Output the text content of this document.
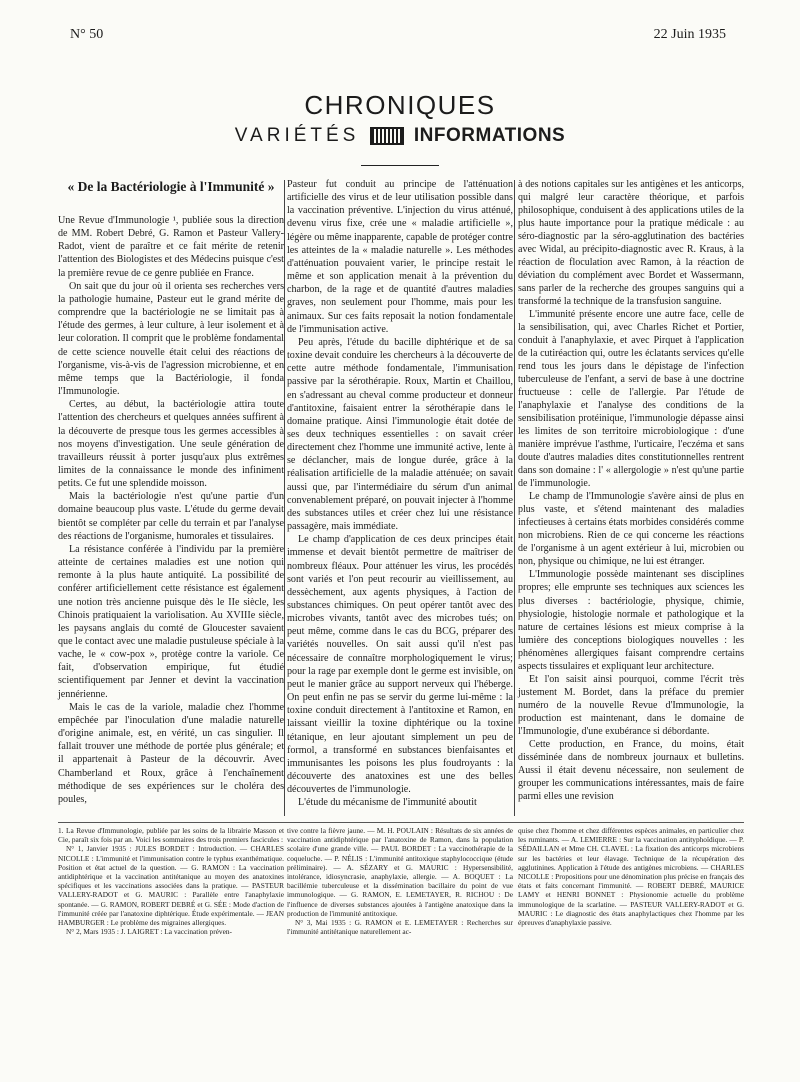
N° 50	22 Juin 1935
CHRONIQUES
VARIÉTÉS	INFORMATIONS
« De la Bactériologie à l'Immunité »

Une Revue d'Immunologie ¹, publiée sous la direction de MM. Robert Debré, G. Ramon et Pasteur Vallery-Radot, vient de paraître et ce fait mérite de retenir l'attention des Biologistes et des Médecins puisque c'est la première revue de ce genre publiée en France.

On sait que du jour où il orienta ses recherches vers la pathologie humaine, Pasteur eut le grand mérite de comprendre que la bactériologie ne se limitait pas à l'étude des germes, à leur culture, à leur isolement et à leur coloration. Il comprit que le problème fondamental de cette science nouvelle était celui des réactions de l'organisme, vis-à-vis de l'agression microbienne, et en même temps que la Bactériologie, il fonda l'Immunologie.

Certes, au début, la bactériologie attira toute l'attention des chercheurs et quelques années suffirent à la découverte de presque tous les germes accessibles à nos moyens d'investigation. Une seule génération de travailleurs réussit à porter jusqu'aux plus extrêmes limites de la connaissance le monde des infiniment petits. Ce fut une splendide moisson.

Mais la bactériologie n'est qu'une partie d'un domaine beaucoup plus vaste. L'étude du germe devait bientôt se compléter par celle du terrain et par l'analyse des réactions de l'organisme, humorales et tissulaires.

La résistance conférée à l'individu par la première atteinte de certaines maladies est une notion qui remonte à la plus haute antiquité. La possibilité de conférer artificiellement cette résistance est également une notion très ancienne puisque dès le IIe siècle, les Chinois pratiquaient la variolisation. Au XVIIIe siècle, les paysans anglais du comté de Gloucester savaient que le contact avec une maladie pustuleuse spéciale à la vache, le « cow-pox », protège contre la variole. Ce fait, d'observation empirique, fut étudié scientifiquement par Jenner et devint la vaccination jennérienne.

Mais le cas de la variole, maladie chez l'homme empêchée par l'inoculation d'une maladie naturelle d'origine animale, est, en vérité, un cas singulier. Il fallait trouver une méthode de portée plus générale; et il appartenait à Pasteur de la découvrir. Avec Chamberland et Roux, grâce à l'enchaînement méthodique de ses expériences sur le choléra des poules,

Pasteur fut conduit au principe de l'atténuation artificielle des virus et de leur utilisation possible dans la vaccination préventive. L'injection du virus atténué, devenu virus fixe, crée une « maladie artificielle », légère ou même inapparente, capable de protéger contre les atteintes de la « maladie naturelle ». Les méthodes d'atténuation pouvaient varier, le principe restait le même et son application menait à la prévention du charbon, de la rage et de quantité d'autres maladies graves, non seulement pour l'homme, mais pour les animaux. Sur ces faits reposait la notion fondamentale de l'immunisation active.

Peu après, l'étude du bacille diphtérique et de sa toxine devait conduire les chercheurs à la découverte de cette autre méthode fondamentale, l'immunisation passive par la sérothérapie. Roux, Martin et Chaillou, en s'adressant au cheval comme producteur et donneur d'antitoxine, faisaient entrer la sérothérapie dans le domaine pratique. Ainsi l'immunologie était dotée de ses deux techniques essentielles : on savait créer directement chez l'homme une immunité active, lente à se déclancher, mais de longue durée, grâce à la réalisation artificielle de la maladie atténuée; on savait aussi que, par l'intermédiaire du sérum d'un animal convenablement préparé, on pouvait injecter à l'homme des substances utiles et créer chez lui une résistance passagère, mais immédiate.

Le champ d'application de ces deux principes était immense et devait bientôt permettre de maîtriser de nombreux fléaux. Pour atténuer les virus, les procédés sont variés et l'on peut recourir au vieillissement, au dessèchement, aux agents physiques, à l'action de substances chimiques. On peut opérer tantôt avec des microbes vivants, tantôt avec des microbes tués; on peut même, comme dans le cas du BCG, préparer des variétés nouvelles. On sait aussi qu'il n'est pas nécessaire de connaître morphologiquement le virus; pour la rage par exemple dont le germe est invisible, on peut le manier grâce au support nerveux qui l'héberge. On peut enfin ne pas se servir du germe lui-même : la toxine conduit directement à l'antitoxine et Ramon, en laissant vieillir la toxine diphtérique ou la toxine tétanique, en leur ajoutant simplement un peu de formol, a transformé en substances bienfaisantes et immunisantes les poisons les plus foudroyants : la découverte des anatoxines est une des belles découvertes de l'immunologie.

L'étude du mécanisme de l'immunité aboutit

à des notions capitales sur les antigènes et les anticorps, qui malgré leur caractère théorique, et parfois philosophique, conduisent à des applications utiles de la plus haute importance pour la pratique médicale : au séro-diagnostic par la séro-agglutination des bactéries avec Widal, au précipito-diagnostic avec R. Kraus, à la réaction de floculation avec Ramon, à la réaction de déviation du complément avec Bordet et Wassermann, sans parler de la recherche des groupes sanguins qui a transformé la technique de la transfusion sanguine.

L'immunité présente encore une autre face, celle de la sensibilisation, qui, avec Charles Richet et Portier, conduit à l'anaphylaxie, et avec Pirquet à l'application de la cutiréaction qui, outre les éclatants services qu'elle rend tous les jours dans le dépistage de l'infection tuberculeuse de l'enfant, a servi de base à une doctrine fructueuse : celle de l'allergie. Par l'étude de l'anaphylaxie et l'analyse des conditions de la sensibilisation protéinique, l'immunologie dépasse ainsi les limites de son territoire microbiologique : d'une manière imprévue l'asthme, l'urticaire, l'eczéma et sans doute d'autres maladies dites constitutionnelles rentrent dans son domaine : l' « allergologie » n'est qu'une partie de l'immunologie.

Le champ de l'Immunologie s'avère ainsi de plus en plus vaste, et s'étend maintenant des maladies infectieuses à certains états morbides considérés comme non microbiens. Rien de ce qui concerne les réactions de l'organisme à un agent extérieur à lui, microbien ou non, physique ou chimique, ne lui est étranger.

L'Immunologie possède maintenant ses disciplines propres; elle emprunte ses techniques aux sciences les plus diverses : bactériologie, physique, chimie, physiologie, histologie normale et pathologique et la nature de certaines lésions est mieux comprise à la lumière des conceptions biologiques nouvelles : les phénomènes allergiques faisant comprendre certains aspects tissulaires et expliquant leur architecture.

Et l'on saisit ainsi pourquoi, comme l'écrit très justement M. Bordet, dans la préface du premier numéro de la nouvelle Revue d'Immunologie, la production est maintenant, dans le domaine de l'Immunologie, d'une exubérance si débordante.

Cette production, en France, du moins, était disséminée dans de nombreux journaux et bulletins. Aussi il était devenu nécessaire, non seulement de grouper les communications intéressantes, mais de faire parmi elles une revision

1. La Revue d'Immunologie, publiée par les soins de la librairie Masson et Cie, paraît six fois par an. Voici les sommaires des trois premiers fascicules :

N° 1, Janvier 1935 : JULES BORDET : Introduction. — CHARLES NICOLLE : L'immunité et l'immunisation contre le typhus exanthématique. Position et état actuel de la question. — G. RAMON : La vaccination antidiphtérique et la vaccination antitétanique au moyen des anatoxines spécifiques et les vaccinations associées dans la pratique. — PASTEUR VALLERY-RADOT et G. MAURIC : Parallèle entre l'anaphylaxie spontanée. — G. RAMON, ROBERT DEBRÉ et G. SÉE : Mode d'action de l'immunité créée par l'anatoxine diphtérique. Étude expérimentale. — JEAN HAMBURGER : Le problème des migraines allergiques.

N° 2, Mars 1935 : J. LAIGRET : La vaccination préven-

tive contre la fièvre jaune. — M. H. POULAIN : Résultats de six années de vaccination antidiphtérique par l'anatoxine de Ramon, dans la population scolaire d'une grande ville. — PAUL BORDET : La vaccinothérapie de la coqueluche. — P. NÉLIS : L'immunité antitoxique staphylococcique (étude préliminaire). — A. SÉZARY et G. MAURIC : Hypersensibilité, intolérance, idiosyncrasie, anaphylaxie, allergie. — A. BOQUET : La bacillémie tuberculeuse et la dissémination bacillaire du point de vue immunologique. — G. RAMON, E. LEMETAYER, R. RICHOU : De l'influence de diverses substances ajoutées à l'antigène anatoxique dans la production de l'immunité antitoxique.

N° 3, Mai 1935 : G. RAMON et E. LEMETAYER : Recherches sur l'immunité antitétanique naturellement ac-

quise chez l'homme et chez différentes espèces animales, en particulier chez les ruminants. — A. LEMIERRE : Sur la vaccination antityphoïdique. — P. SÉDAILLAN et Mme CH. CLAVEL : La fixation des anticorps microbiens sur les bactéries et leur élavage. Technique de la récupération des agglutinines. Application à l'étude des antigènes microbiens. — CHARLES NICOLLE : Propositions pour une dénomination plus précise en français des états et faits concernant l'immunité. — ROBERT DEBRÉ, MAURICE LAMY et HENRI BONNET : Physionomie actuelle du problème immunologique de la scarlatine. — PASTEUR VALLERY-RADOT et G. MAURIC : Le diagnostic des états anaphylactiques chez l'homme par les épreuves d'anaphylaxie passive.
